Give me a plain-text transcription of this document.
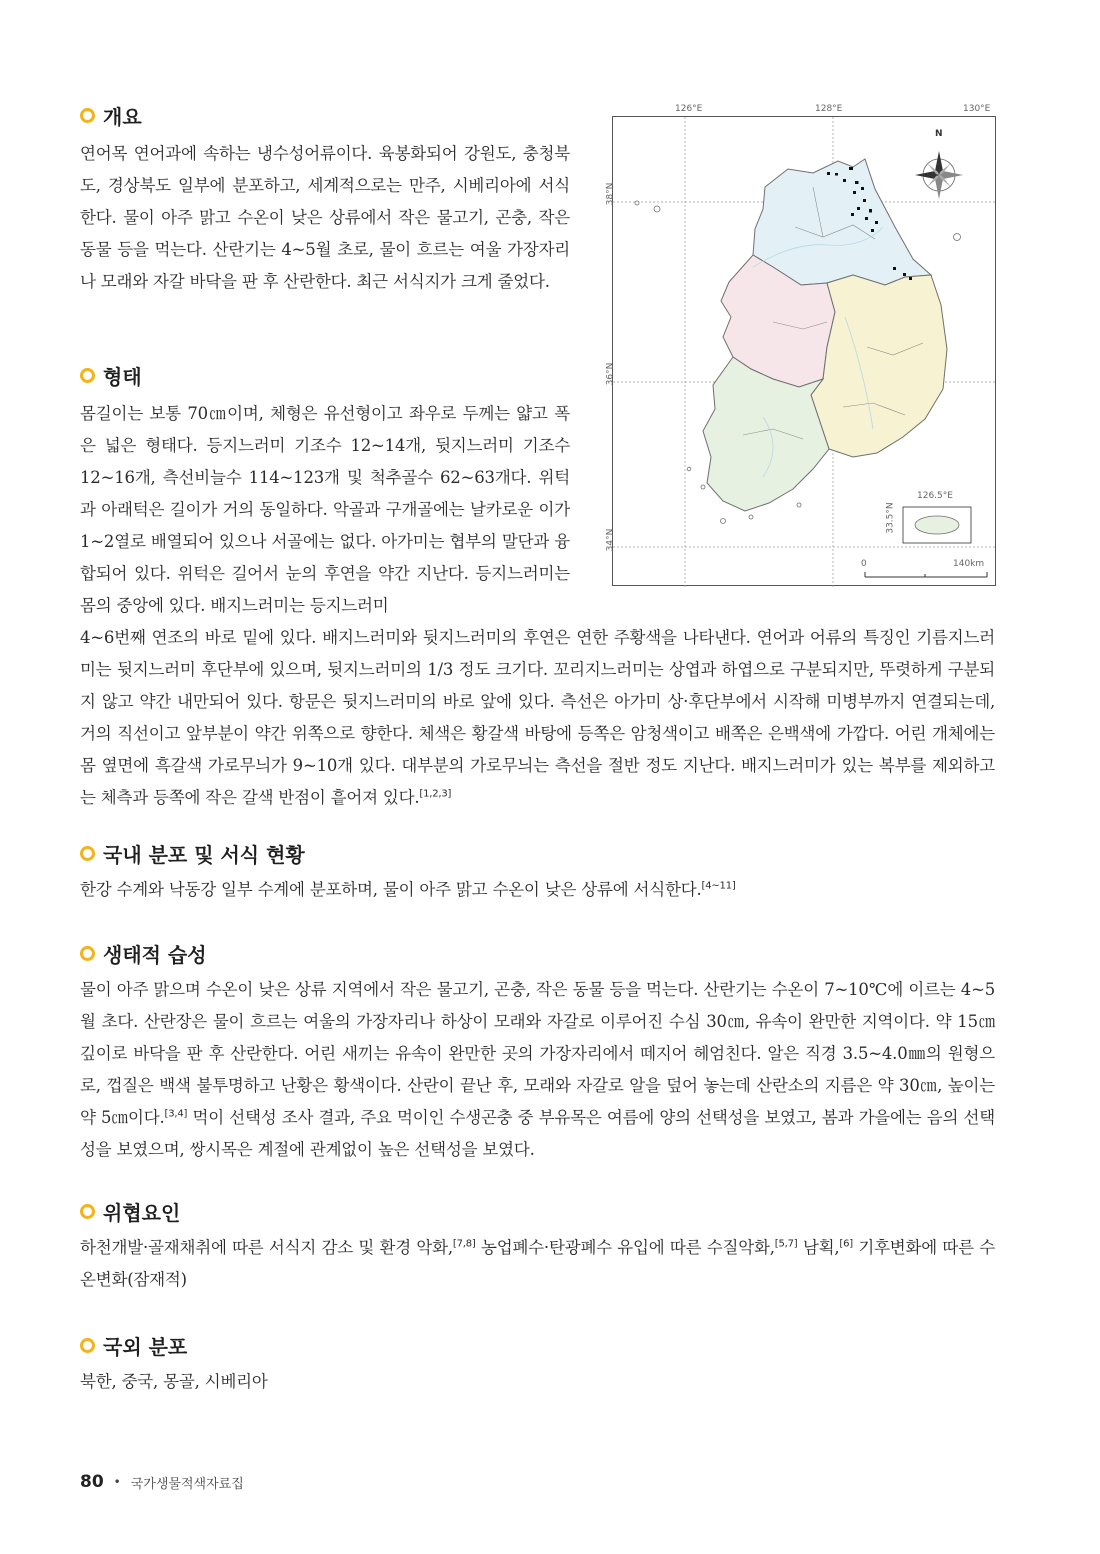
개요

연어목 연어과에 속하는 냉수성어류이다. 육봉화되어 강원도, 충청북도, 경상북도 일부에 분포하고, 세계적으로는 만주, 시베리아에 서식한다. 물이 아주 맑고 수온이 낮은 상류에서 작은 물고기, 곤충, 작은 동물 등을 먹는다. 산란기는 4~5월 초로, 물이 흐르는 여울 가장자리나 모래와 자갈 바닥을 판 후 산란한다. 최근 서식지가 크게 줄었다.

형태

몸길이는 보통 70㎝이며, 체형은 유선형이고 좌우로 두께는 얇고 폭은 넓은 형태다. 등지느러미 기조수 12~14개, 뒷지느러미 기조수 12~16개, 측선비늘수 114~123개 및 척추골수 62~63개다. 위턱과 아래턱은 길이가 거의 동일하다. 악골과 구개골에는 날카로운 이가 1~2열로 배열되어 있으나 서골에는 없다. 아가미는 협부의 말단과 융합되어 있다. 위턱은 길어서 눈의 후연을 약간 지난다. 등지느러미는 몸의 중앙에 있다. 배지느러미는 등지느러미

4~6번째 연조의 바로 밑에 있다. 배지느러미와 뒷지느러미의 후연은 연한 주황색을 나타낸다. 연어과 어류의 특징인 기름지느러미는 뒷지느러미 후단부에 있으며, 뒷지느러미의 1/3 정도 크기다. 꼬리지느러미는 상엽과 하엽으로 구분되지만, 뚜렷하게 구분되지 않고 약간 내만되어 있다. 항문은 뒷지느러미의 바로 앞에 있다. 측선은 아가미 상·후단부에서 시작해 미병부까지 연결되는데, 거의 직선이고 앞부분이 약간 위쪽으로 향한다. 체색은 황갈색 바탕에 등쪽은 암청색이고 배쪽은 은백색에 가깝다. 어린 개체에는 몸 옆면에 흑갈색 가로무늬가 9~10개 있다. 대부분의 가로무늬는 측선을 절반 정도 지난다. 배지느러미가 있는 복부를 제외하고는 체측과 등쪽에 작은 갈색 반점이 흩어져 있다.[1,2,3]

국내 분포 및 서식 현황

한강 수계와 낙동강 일부 수계에 분포하며, 물이 아주 맑고 수온이 낮은 상류에 서식한다.[4~11]

생태적 습성

물이 아주 맑으며 수온이 낮은 상류 지역에서 작은 물고기, 곤충, 작은 동물 등을 먹는다. 산란기는 수온이 7~10℃에 이르는 4~5월 초다. 산란장은 물이 흐르는 여울의 가장자리나 하상이 모래와 자갈로 이루어진 수심 30㎝, 유속이 완만한 지역이다. 약 15㎝ 깊이로 바닥을 판 후 산란한다. 어린 새끼는 유속이 완만한 곳의 가장자리에서 떼지어 헤엄친다. 알은 직경 3.5~4.0㎜의 원형으로, 껍질은 백색 불투명하고 난황은 황색이다. 산란이 끝난 후, 모래와 자갈로 알을 덮어 놓는데 산란소의 지름은 약 30㎝, 높이는 약 5㎝이다.[3,4] 먹이 선택성 조사 결과, 주요 먹이인 수생곤충 중 부유목은 여름에 양의 선택성을 보였고, 봄과 가을에는 음의 선택성을 보였으며, 쌍시목은 계절에 관계없이 높은 선택성을 보였다.

위협요인

하천개발·골재채취에 따른 서식지 감소 및 환경 악화,[7,8] 농업폐수·탄광폐수 유입에 따른 수질악화,[5,7] 남획,[6] 기후변화에 따른 수온변화(잠재적)

국외 분포

북한, 중국, 몽골, 시베리아

126°E	128°E	130°E
N
38°N
36°N
34°N
126.5°E
33.5°N
0	140km
80 • 국가생물적색자료집
